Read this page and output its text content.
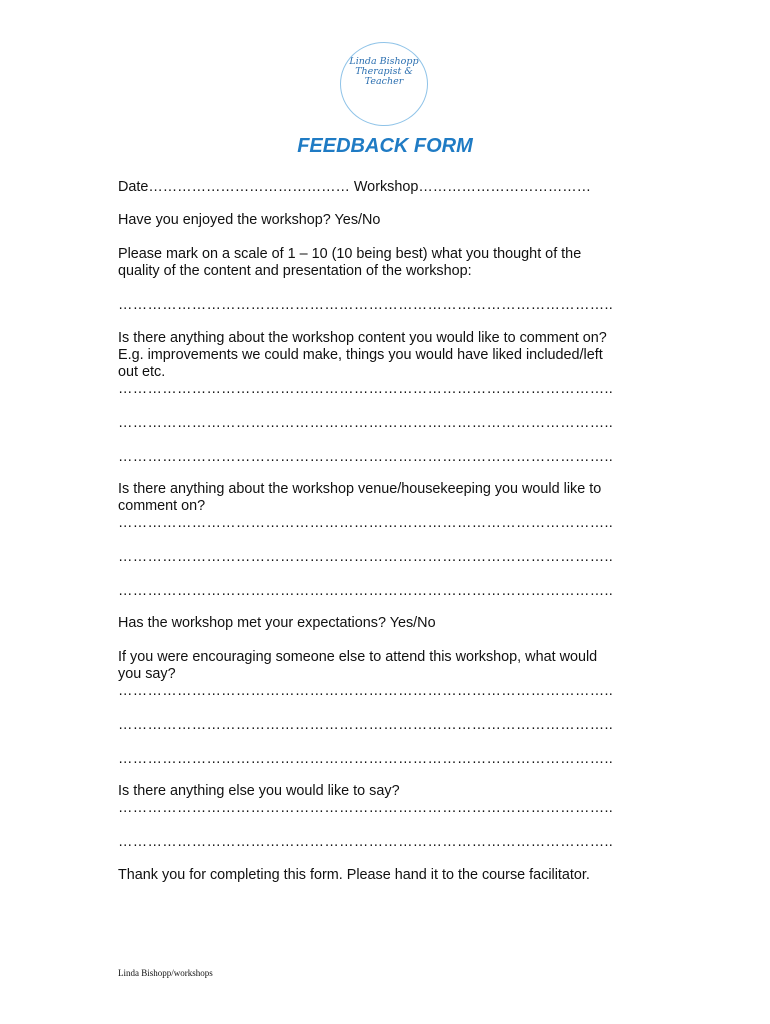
Linda Bishopp
Therapist &
Teacher
FEEDBACK FORM
Date…………………………………… Workshop………………………………
Have you enjoyed the workshop? Yes/No
Please mark on a scale of 1 – 10 (10 being best) what you thought of the
quality of the content and presentation of the workshop:
………………………………………………………………………………………..
Is there anything about the workshop content you would like to comment on?
E.g. improvements we could make, things you would have liked included/left
out etc.
………………………………………………………………………………………..
………………………………………………………………………………………..
………………………………………………………………………………………..
Is there anything about the workshop venue/housekeeping you would like to
comment on?
………………………………………………………………………………………..
………………………………………………………………………………………..
………………………………………………………………………………………..
Has the workshop met your expectations? Yes/No
If you were encouraging someone else to attend this workshop, what would
you say?
………………………………………………………………………………………..
………………………………………………………………………………………..
………………………………………………………………………………………..
Is there anything else you would like to say?
………………………………………………………………………………………..
………………………………………………………………………………………..
Thank you for completing this form. Please hand it to the course facilitator.
Linda Bishopp/workshops
